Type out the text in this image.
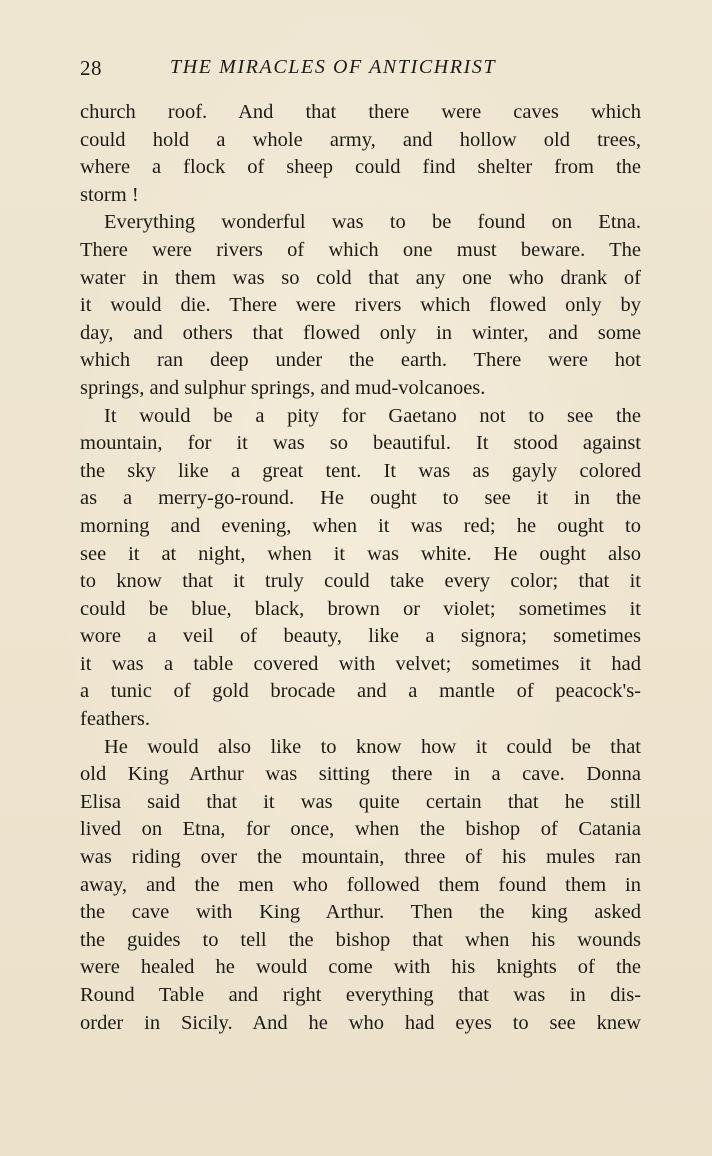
28	THE MIRACLES OF ANTICHRIST
church roof. And that there were caves which
could hold a whole army, and hollow old trees,
where a flock of sheep could find shelter from the
storm !
Everything wonderful was to be found on Etna.
There were rivers of which one must beware. The
water in them was so cold that any one who drank of
it would die. There were rivers which flowed only by
day, and others that flowed only in winter, and some
which ran deep under the earth. There were hot
springs, and sulphur springs, and mud-volcanoes.
It would be a pity for Gaetano not to see the
mountain, for it was so beautiful. It stood against
the sky like a great tent. It was as gayly colored
as a merry-go-round. He ought to see it in the
morning and evening, when it was red; he ought to
see it at night, when it was white. He ought also
to know that it truly could take every color; that it
could be blue, black, brown or violet; sometimes it
wore a veil of beauty, like a signora; sometimes
it was a table covered with velvet; sometimes it had
a tunic of gold brocade and a mantle of peacock's-
feathers.
He would also like to know how it could be that
old King Arthur was sitting there in a cave. Donna
Elisa said that it was quite certain that he still
lived on Etna, for once, when the bishop of Catania
was riding over the mountain, three of his mules ran
away, and the men who followed them found them in
the cave with King Arthur. Then the king asked
the guides to tell the bishop that when his wounds
were healed he would come with his knights of the
Round Table and right everything that was in dis-
order in Sicily. And he who had eyes to see knew
